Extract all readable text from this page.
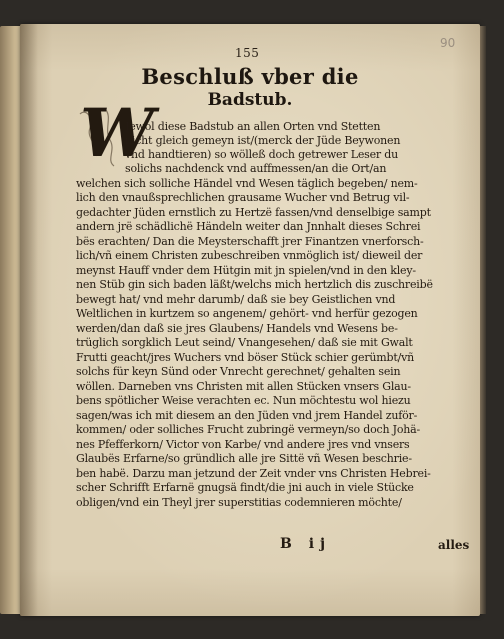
155
90
Beschluß vber die
Badstub.
W
Jewol diese Badstub an allen Orten vnd Stetten
nicht gleich gemeyn ist/(merck der Jüde Beywonen
vnd handtieren) so wölleß doch getrewer Leser du
solichs nachdenck vnd auffmessen/an die Ort/an
welchen sich solliche Händel vnd Wesen täglich begeben/ nem-
lich den vnaußsprechlichen grausame Wucher vnd Betrug vil-
gedachter Jüden ernstlich zu Hertzë fassen/vnd denselbige sampt
andern jrë schädlichë Händeln weiter dan Jnnhalt dieses Schrei
bës erachten/ Dan die Meysterschafft jrer Finantzen vnerforsch-
lich/vñ einem Christen zubeschreiben vnmöglich ist/ dieweil der
meynst Hauff vnder dem Hütgin mit jn spielen/vnd in den kley-
nen Stüb gin sich baden läßt/welchs mich hertzlich dis zuschreibë
bewegt hat/ vnd mehr darumb/ daß sie bey Geistlichen vnd
Weltlichen in kurtzem so angenem/ gehört- vnd herfür gezogen
werden/dan daß sie jres Glaubens/ Handels vnd Wesens be-
trüglich sorgklich Leut seind/ Vnangesehen/ daß sie mit Gwalt
Frutti geacht/jres Wuchers vnd böser Stück schier gerümbt/vñ
solchs für keyn Sünd oder Vnrecht gerechnet/ gehalten sein
wöllen. Darneben vns Christen mit allen Stücken vnsers Glau-
bens spötlicher Weise verachten ec. Nun möchtestu wol hiezu
sagen/was ich mit diesem an den Jüden vnd jrem Handel zuför-
kommen/ oder solliches Frucht zubringë vermeyn/so doch Johä-
nes Pfefferkorn/ Victor von Karbe/ vnd andere jres vnd vnsers
Glaubës Erfarne/so gründlich alle jre Sittë vñ Wesen beschrie-
ben habë. Darzu man jetzund der Zeit vnder vns Christen Hebrei-
scher Schrifft Erfarnë gnugsä findt/die jni auch in viele Stücke
obligen/vnd ein Theyl jrer superstitias codemnieren möchte/
B ij	alles
